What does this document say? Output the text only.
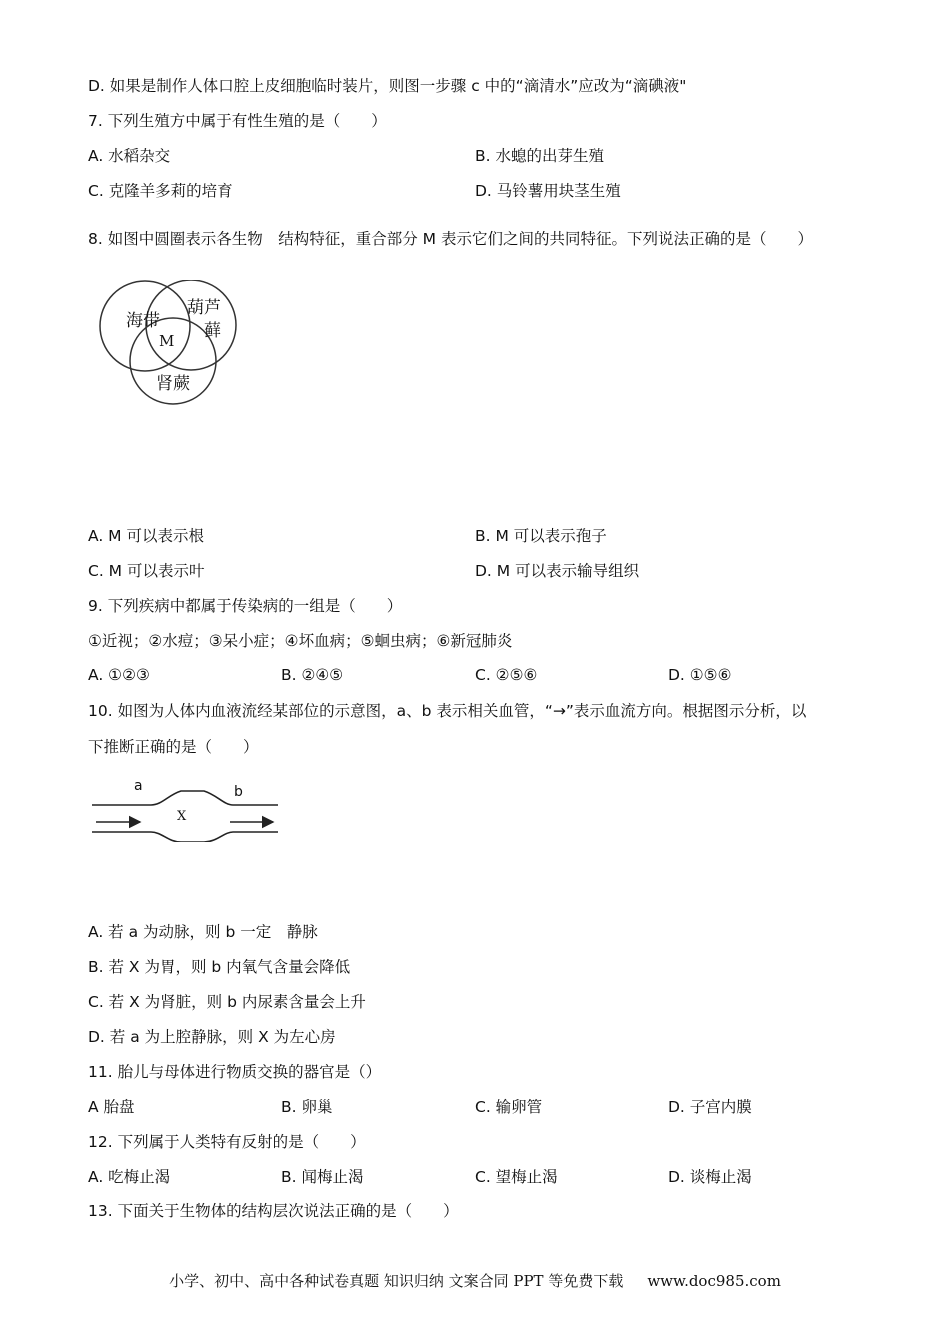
D. 如果是制作人体口腔上皮细胞临时装片，则图一步骤 c 中的“滴清水”应改为“滴碘液"
7. 下列生殖方中属于有性生殖的是（　　）
A. 水稻杂交	B. 水螅的出芽生殖
C. 克隆羊多莉的培育	D. 马铃薯用块茎生殖
8. 如图中圆圈表示各生物　结构特征，重合部分 M 表示它们之间的共同特征。下列说法正确的是（　　）
海带
葫芦
藓
肾蕨
M
A. M 可以表示根	B. M 可以表示孢子
C. M 可以表示叶	D. M 可以表示输导组织
9. 下列疾病中都属于传染病的一组是（　　）
①近视；②水痘；③呆小症；④坏血病；⑤蛔虫病；⑥新冠肺炎
A. ①②③	B. ②④⑤	C. ②⑤⑥	D. ①⑤⑥
10. 如图为人体内血液流经某部位的示意图，a、b 表示相关血管，“→”表示血流方向。根据图示分析，以
下推断正确的是（　　）
a	b
X
A. 若 a 为动脉，则 b 一定　静脉
B. 若 X 为胃，则 b 内氧气含量会降低
C. 若 X 为肾脏，则 b 内尿素含量会上升
D. 若 a 为上腔静脉，则 X 为左心房
11. 胎儿与母体进行物质交换的器官是（）
A 胎盘	B. 卵巢	C. 输卵管	D. 子宫内膜
12. 下列属于人类特有反射的是（　　）
A. 吃梅止渴	B. 闻梅止渴	C. 望梅止渴	D. 谈梅止渴
13. 下面关于生物体的结构层次说法正确的是（　　）
小学、初中、高中各种试卷真题 知识归纳 文案合同 PPT 等免费下载 www.doc985.com
